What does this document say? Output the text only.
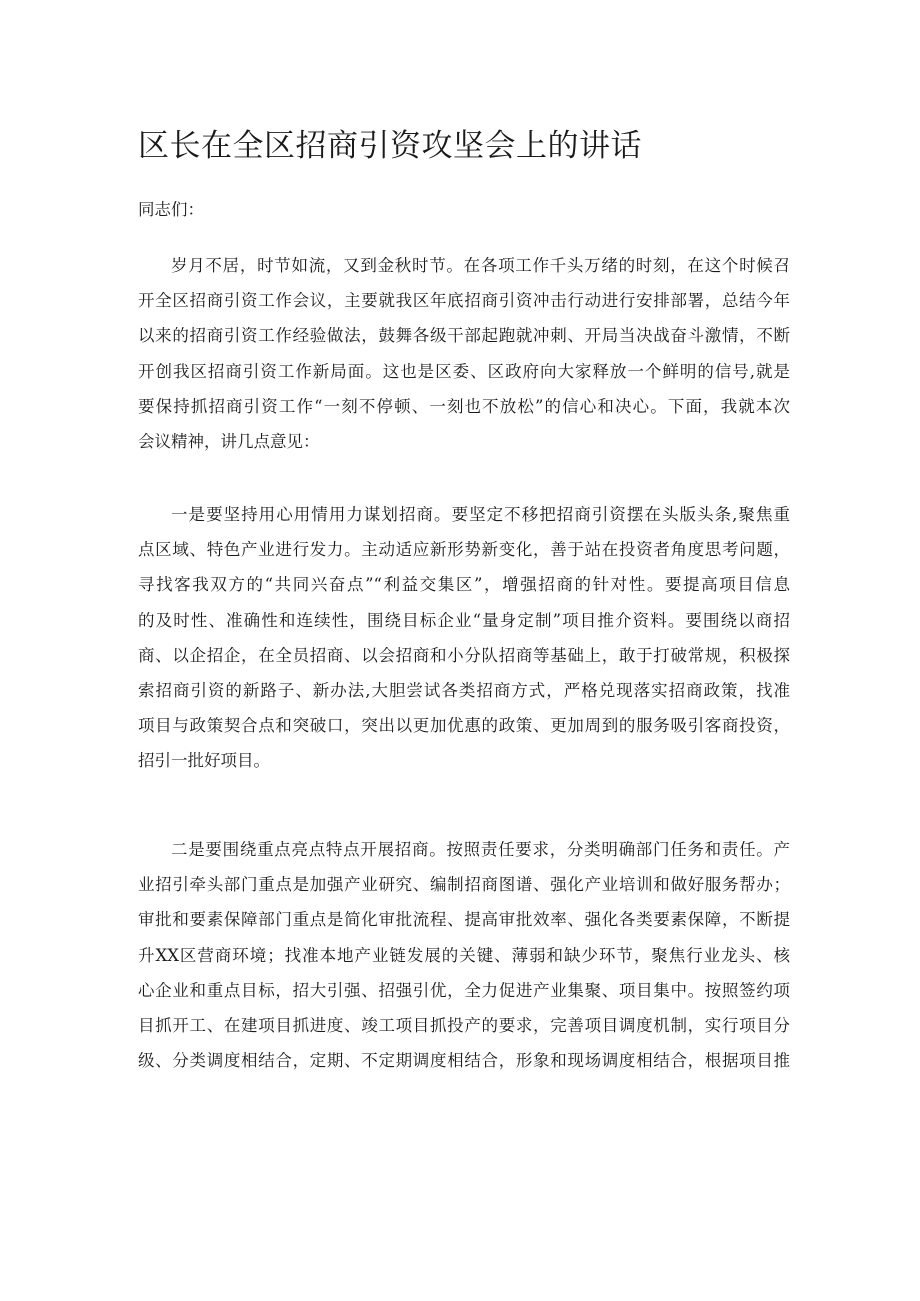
区长在全区招商引资攻坚会上的讲话

同志们：

岁月不居，时节如流，又到金秋时节。在各项工作千头万绪的时刻，在这个时候召
开全区招商引资工作会议，主要就我区年底招商引资冲击行动进行安排部署，总结今年
以来的招商引资工作经验做法，鼓舞各级干部起跑就冲刺、开局当决战奋斗激情，不断
开创我区招商引资工作新局面。这也是区委、区政府向大家释放一个鲜明的信号,就是
要保持抓招商引资工作“一刻不停顿、一刻也不放松”的信心和决心。下面，我就本次
会议精神，讲几点意见：
一是要坚持用心用情用力谋划招商。要坚定不移把招商引资摆在头版头条,聚焦重
点区域、特色产业进行发力。主动适应新形势新变化，善于站在投资者角度思考问题，
寻找客我双方的“共同兴奋点”“利益交集区”，增强招商的针对性。要提高项目信息
的及时性、准确性和连续性，围绕目标企业“量身定制”项目推介资料。要围绕以商招
商、以企招企，在全员招商、以会招商和小分队招商等基础上，敢于打破常规，积极探
索招商引资的新路子、新办法,大胆尝试各类招商方式，严格兑现落实招商政策，找准
项目与政策契合点和突破口，突出以更加优惠的政策、更加周到的服务吸引客商投资，
招引一批好项目。
二是要围绕重点亮点特点开展招商。按照责任要求，分类明确部门任务和责任。产
业招引牵头部门重点是加强产业研究、编制招商图谱、强化产业培训和做好服务帮办；
审批和要素保障部门重点是简化审批流程、提高审批效率、强化各类要素保障，不断提
升XX区营商环境；找准本地产业链发展的关键、薄弱和缺少环节，聚焦行业龙头、核
心企业和重点目标，招大引强、招强引优，全力促进产业集聚、项目集中。按照签约项
目抓开工、在建项目抓进度、竣工项目抓投产的要求，完善项目调度机制，实行项目分
级、分类调度相结合，定期、不定期调度相结合，形象和现场调度相结合，根据项目推
